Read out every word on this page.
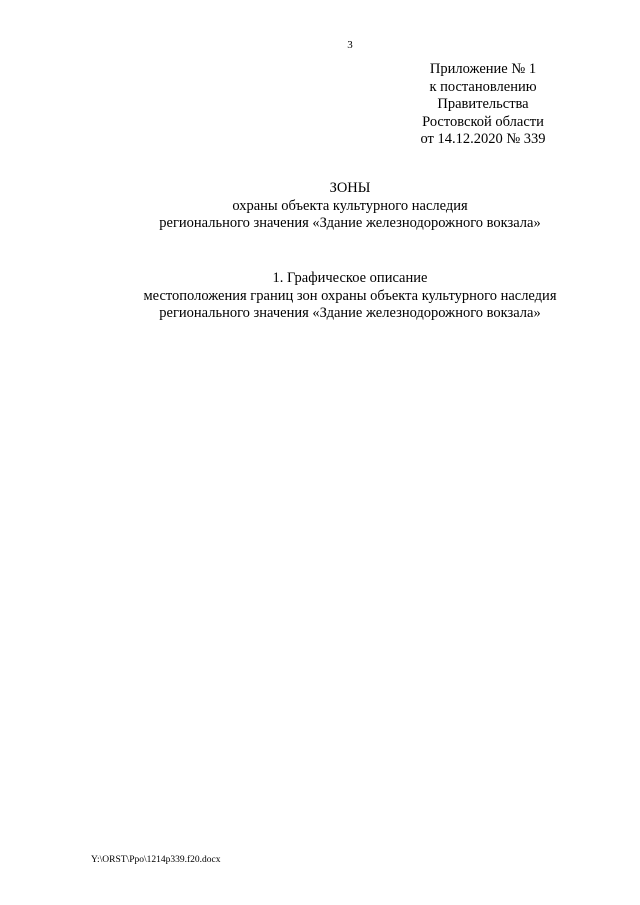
3
Приложение № 1
к постановлению
Правительства
Ростовской области
от 14.12.2020 № 339
ЗОНЫ
охраны объекта культурного наследия
регионального значения «Здание железнодорожного вокзала»
1. Графическое описание
местоположения границ зон охраны объекта культурного наследия
регионального значения «Здание железнодорожного вокзала»
Y:\ORST\Ppo\1214p339.f20.docx
